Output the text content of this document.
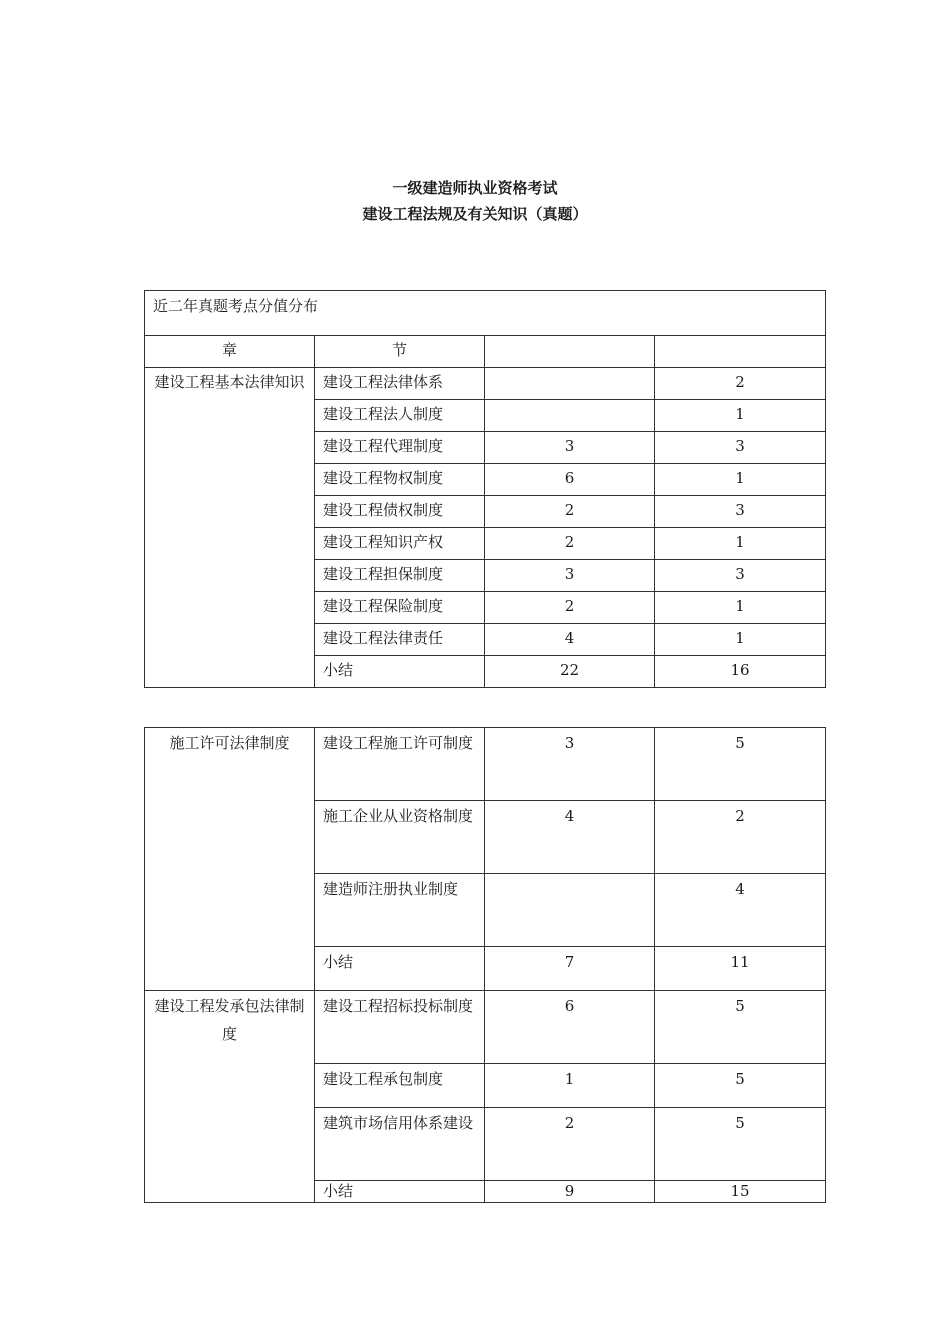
一级建造师执业资格考试
建设工程法规及有关知识（真题）
近二年真题考点分值分布			
章	节		
建设工程基本法律知识	建设工程法律体系		2
	建设工程法人制度		1
	建设工程代理制度	3	3
	建设工程物权制度	6	1
	建设工程债权制度	2	3
	建设工程知识产权	2	1
	建设工程担保制度	3	3
	建设工程保险制度	2	1
	建设工程法律责任	4	1
	小结	22	16
施工许可法律制度	建设工程施工许可制度	3	5
	施工企业从业资格制度	4	2
	建造师注册执业制度		4
	小结	7	11
建设工程发承包法律制度	建设工程招标投标制度	6	5
	建设工程承包制度	1	5
	建筑市场信用体系建设	2	5
	小结	9	15
